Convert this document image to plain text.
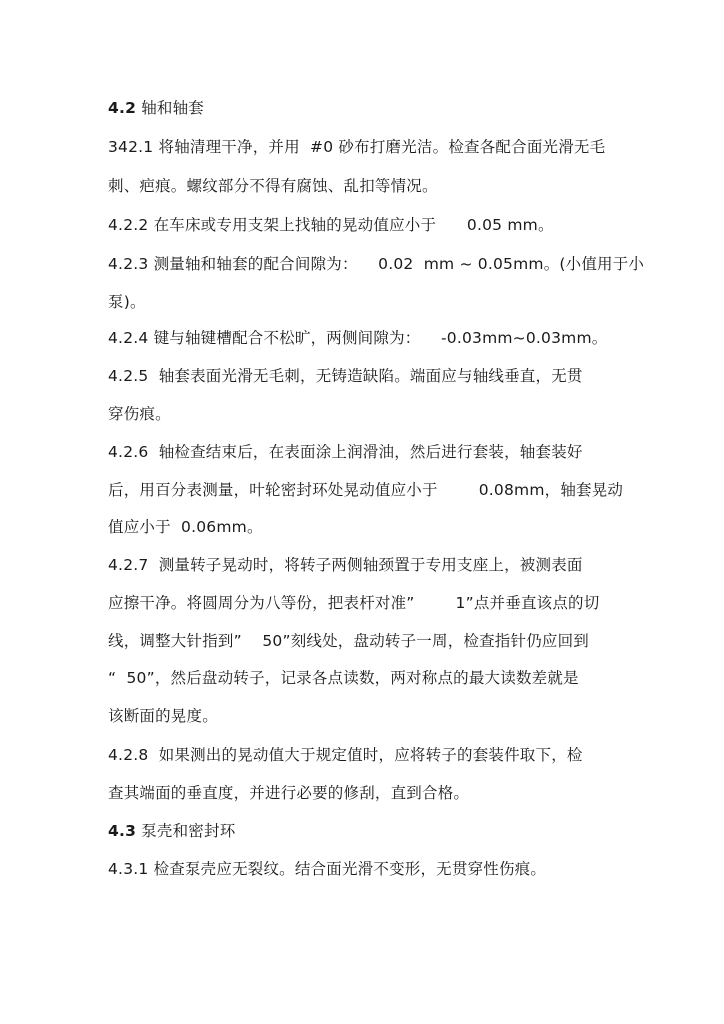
4.2 轴和轴套
342.1 将轴清理干净，并用  #0 砂布打磨光洁。检查各配合面光滑无毛
刺、疤痕。螺纹部分不得有腐蚀、乱扣等情况。
4.2.2 在车床或专用支架上找轴的晃动值应小于      0.05 mm。
4.2.3 测量轴和轴套的配合间隙为：    0.02  mm ~ 0.05mm。(小值用于小
泵)。
4.2.4 键与轴键槽配合不松旷，两侧间隙为：    -0.03mm~0.03mm。
4.2.5  轴套表面光滑无毛刺，无铸造缺陷。端面应与轴线垂直，无贯
穿伤痕。
4.2.6  轴检查结束后，在表面涂上润滑油，然后进行套装，轴套装好
后，用百分表测量，叶轮密封环处晃动值应小于        0.08mm，轴套晃动
值应小于  0.06mm。
4.2.7  测量转子晃动时，将转子两侧轴颈置于专用支座上，被测表面
应擦干净。将圆周分为八等份，把表杆对准”        1”点并垂直该点的切
线，调整大针指到”    50”刻线处，盘动转子一周，检查指针仍应回到
“  50”，然后盘动转子，记录各点读数，两对称点的最大读数差就是
该断面的晃度。
4.2.8  如果测出的晃动值大于规定值时，应将转子的套装件取下，检
查其端面的垂直度，并进行必要的修刮，直到合格。
4.3 泵壳和密封环
4.3.1 检查泵壳应无裂纹。结合面光滑不变形，无贯穿性伤痕。
